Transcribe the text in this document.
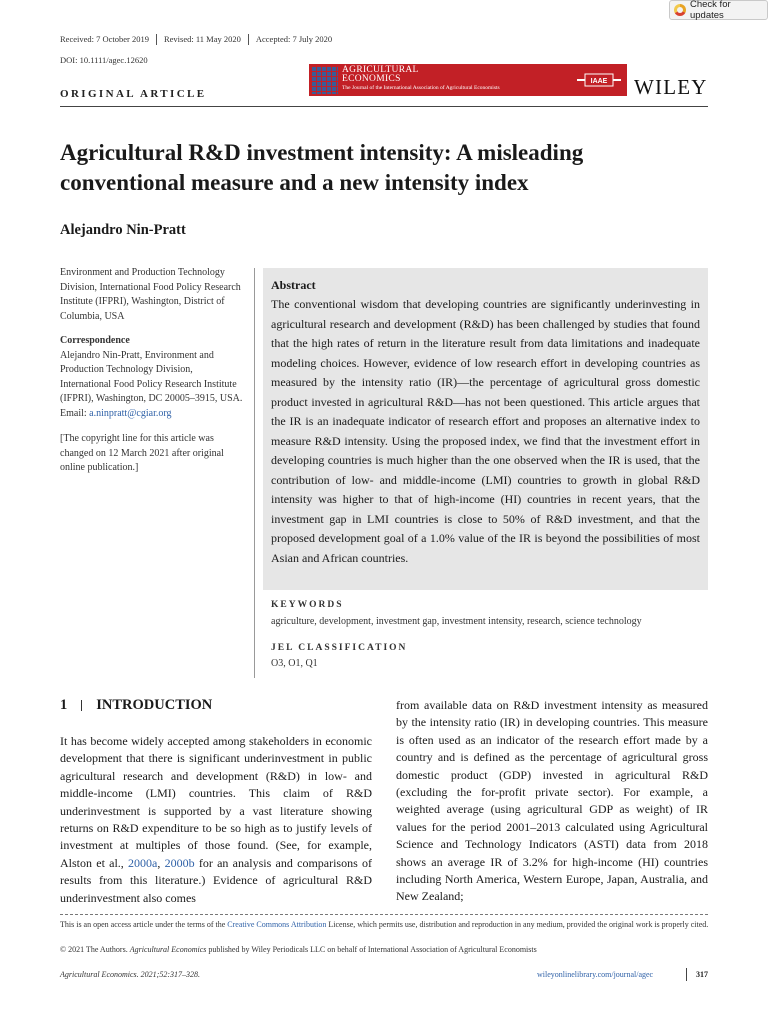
Check for updates
Received: 7 October 2019	Revised: 11 May 2020	Accepted: 7 July 2020
DOI: 10.1111/agec.12620
ORIGINAL ARTICLE
AGRICULTURAL
ECONOMICS
The Journal of the International Association of Agricultural Economists
IAAE WILEY
Agricultural R&D investment intensity: A misleading conventional measure and a new intensity index
Alejandro Nin-Pratt

Environment and Production Technology Division, International Food Policy Research Institute (IFPRI), Washington, District of Columbia, USA

Correspondence

Alejandro Nin-Pratt, Environment and Production Technology Division, International Food Policy Research Institute (IFPRI), Washington, DC 20005–3915, USA.

Email: a.ninpratt@cgiar.org

[The copyright line for this article was changed on 12 March 2021 after original online publication.]

Abstract

The conventional wisdom that developing countries are significantly underinvesting in agricultural research and development (R&D) has been challenged by studies that found that the high rates of return in the literature result from data limitations and inadequate modeling choices. However, evidence of low research effort in developing countries as measured by the intensity ratio (IR)—the percentage of agricultural gross domestic product invested in agricultural R&D—has not been questioned. This article argues that the IR is an inadequate indicator of research effort and proposes an alternative index to measure R&D intensity. Using the proposed index, we find that the investment effort in developing countries is much higher than the one observed when the IR is used, that the contribution of low- and middle-income (LMI) countries to growth in global R&D intensity was higher to that of high-income (HI) countries in recent years, that the investment gap in LMI countries is close to 50% of R&D investment, and that the proposed development goal of a 1.0% value of the IR is beyond the possibilities of most Asian and African countries.

KEYWORDS
agriculture, development, investment gap, investment intensity, research, science technology
JEL CLASSIFICATION
O3, O1, Q1
1 INTRODUCTION

It has become widely accepted among stakeholders in economic development that there is significant underinvestment in public agricultural research and development (R&D) in low- and middle-income (LMI) countries. This claim of R&D underinvestment is supported by a vast literature showing returns on R&D expenditure to be so high as to justify levels of investment at multiples of those found. (See, for example, Alston et al., 2000a, 2000b for an analysis and comparisons of results from this literature.) Evidence of agricultural R&D underinvestment also comes

from available data on R&D investment intensity as measured by the intensity ratio (IR) in developing countries. This measure is often used as an indicator of the research effort made by a country and is defined as the percentage of agricultural gross domestic product (GDP) invested in agricultural R&D (excluding the for-profit private sector). For example, a weighted average (using agricultural GDP as weight) of IR values for the period 2001–2013 calculated using Agricultural Science and Technology Indicators (ASTI) data from 2018 shows an average IR of 3.2% for high-income (HI) countries including North America, Western Europe, Japan, Australia, and New Zealand;

This is an open access article under the terms of the Creative Commons Attribution License, which permits use, distribution and reproduction in any medium, provided the original work is properly cited.
© 2021 The Authors. Agricultural Economics published by Wiley Periodicals LLC on behalf of International Association of Agricultural Economists
Agricultural Economics. 2021;52:317–328.	wileyonlinelibrary.com/journal/agec	317
